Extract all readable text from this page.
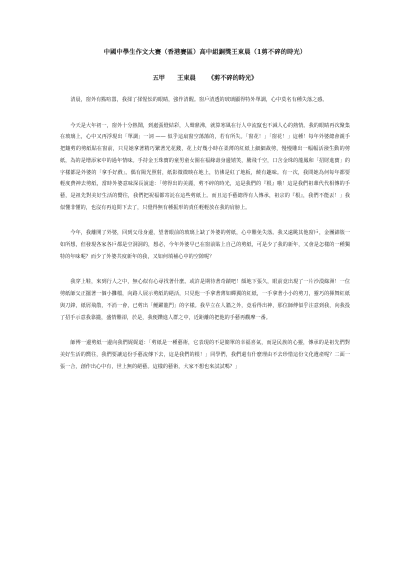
中國中學生作文大賽（香港賽區）高中組銅獎王東晨（1剪不碎的時光）
五甲 王東晨 《剪不碎的時光》

清晨，窗外有點喧囂，我揉了揉惺忪的眼睛，強作清醒。窗戶清透的玻璃顯得特外單調，心中莫名有種失落之感。

今天是大年初一，窗外十分熱鬧，到處張燈結彩，人聲鼎沸，就算寒風在行人中流竄也不減人心的熱情。我的眼睛再次聚集在玻璃上，心中又再浮現出「單調」一詞 —— 似乎這扇窗空蕩蕩的，若有所失。「窗花！」「窗花！」這種！每年外婆總會親手把鑲剪的剪紙貼在窗前，只見她拿著精巧繁著光花錢，花上好幾小時在柔薄的紅紙上細細裁剪，慢慢雕出一幅幅活潑生動的剪紙，為的是增添家中的過年情味。手持金玉珠寶的童男童女圍在福緣壽身邊嬉笑，騰飛千空，口含金珠的龍鳳和「招財進寶」的字樣都是外婆的「拿手好戲」。偶有陽光照射，紙影微微映在地上，彷彿是紅了地板，饒有趣味。有一次，我問她為何每年都要輕度費神去剪紙，當時外婆意味深長說道：「剪得出的美麗，剪不碎的時光，這是我們的『根』哦！這是我們祖輩代代相傳的手藝，是祖先對美好生活的嚮往，我們把祝福都寄託在這些剪紙上。而且這手藝總得有人傳承，祖宗的『根』，我們不能丟！」我似懂非懂的，也沒有再追問下去了，只覺得無有種振形的責任輕輕放在我的肩膀上。

今年，我離開了外婆，回到父母身邊，望著眼前的玻璃上缺了外婆的剪紙，心中難免失落。我又遠眺其他窗戶，金團錦簇一如所想，但發現各家各戶都是空洞洞的，想必，今年外婆早已在窗前貼上自己的剪紙，可是少了我的新年，又會是怎樣的一種獨特的年味呢？而少了外婆共度新年的我，又如何填補心中的空隙呢？

我穿上鞋，來到行人之中，無心似有心尋找著什麼。或許是期待著奇蹟吧！頗地下張久，眼前竟出現了一片沙漠綠洲！一位剪紙師父正擺著一個小攤檔，向路人展示剪紙的絕活，只見他一手拿著薄如蟬翼的紅紙，一手拿著小小的剪刀，靈巧的揮舞紅紙與刀鋒，紙屑飛散，不消一會，已剪出「鯉躍龍門」的字樣。我早立在人牆之外，竟看得出神，那位師傅似乎注意到我，向我投了招手示意我靠攏，盛情難卻，於是，我便鑽進人群之中，近距離的把他的手藝再觀摩一番。

師傅一邊剪紙一邊向我們娓娓道：「剪紙是一種藝術，它表現的不是簡單的幸福喜氣，而是民族的心靈，傳承的是祖先們對美好生活的嚮往，我們要讓這份手藝流傳下去，這是我們的根！」同學們，我們還有什麼理由不去珍惜這份文化遺產呢？二面一張一合，創作出心中有，世上無的絕藝。這樣的藝術，大家不想也來試試嗎？」
